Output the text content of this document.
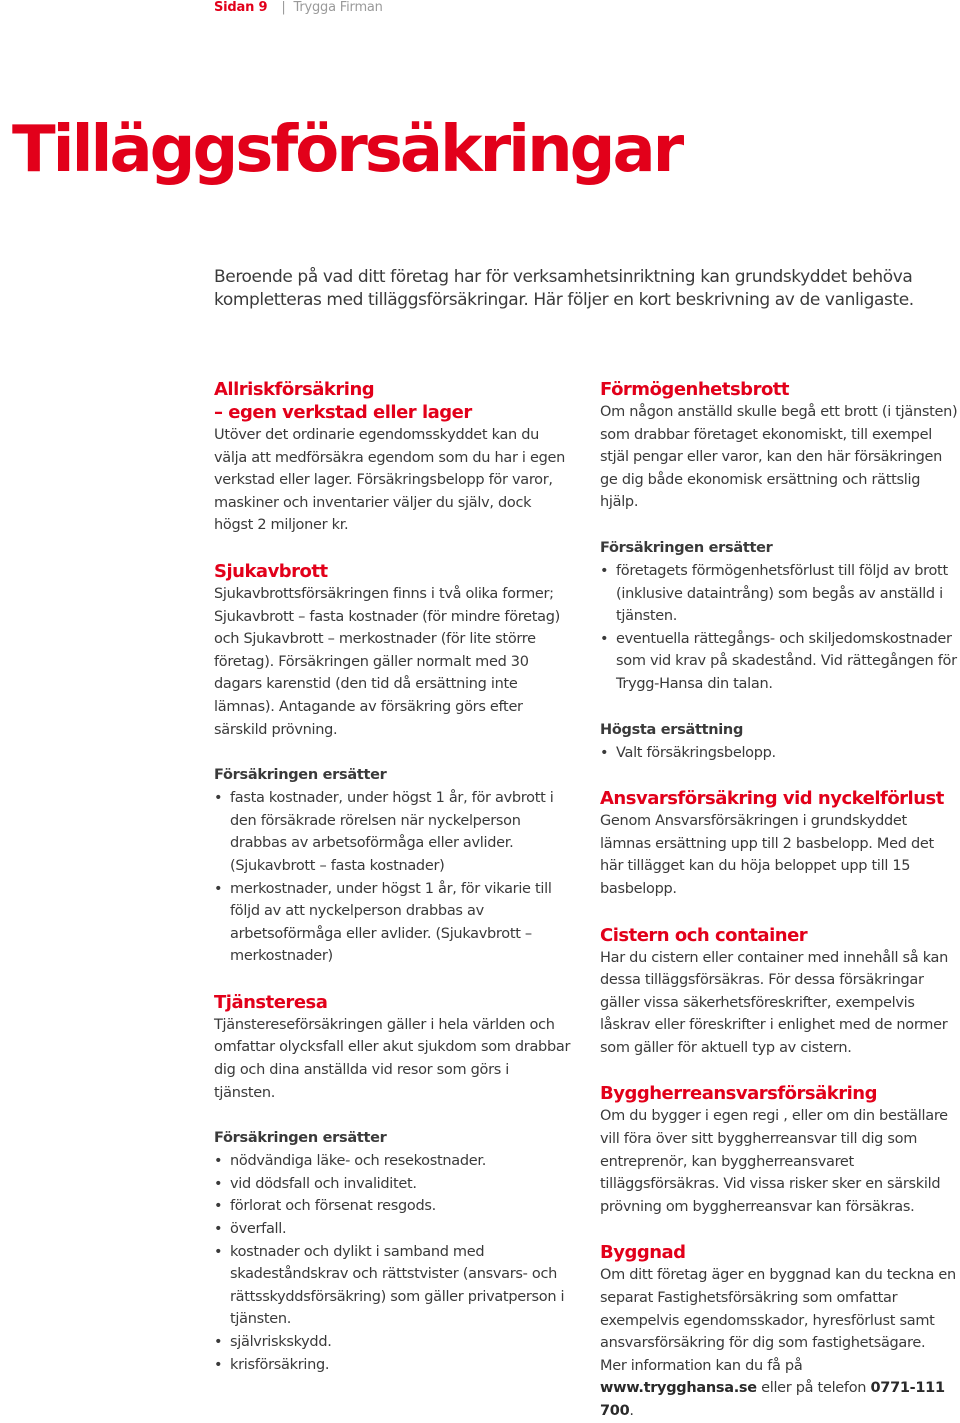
Sidan 9 | Trygga Firman
Tilläggsförsäkringar

Beroende på vad ditt företag har för verksamhetsinriktning kan grundskyddet behöva kompletteras med tilläggsförsäkringar. Här följer en kort beskrivning av de vanligaste.

Allriskförsäkring
– egen verkstad eller lager

Utöver det ordinarie egendomsskyddet kan du välja att medförsäkra egendom som du har i egen verkstad eller lager. Försäkringsbelopp för varor, maskiner och inventarier väljer du själv, dock högst 2 miljoner kr.

Sjukavbrott

Sjukavbrottsförsäkringen finns i två olika former; Sjukavbrott – fasta kostnader (för mindre företag) och Sjukavbrott – merkostnader (för lite större företag). Försäkringen gäller normalt med 30 dagars karenstid (den tid då ersättning inte lämnas). Antagande av försäkring görs efter särskild prövning.

Försäkringen ersätter
• fasta kostnader, under högst 1 år, för avbrott i den försäkrade rörelsen när nyckelperson drabbas av arbetsoförmåga eller avlider. (Sjukavbrott – fasta kostnader)
• merkostnader, under högst 1 år, för vikarie till följd av att nyckelperson drabbas av arbetsoförmåga eller avlider. (Sjukavbrott – merkostnader)
Tjänsteresa

Tjänstereseförsäkringen gäller i hela världen och omfattar olycksfall eller akut sjukdom som drabbar dig och dina anställda vid resor som görs i tjänsten.

Försäkringen ersätter
• nödvändiga läke- och resekostnader.
• vid dödsfall och invaliditet.
• förlorat och försenat resgods.
• överfall.
• kostnader och dylikt i samband med skadeståndskrav och rättstvister (ansvars- och rättsskyddsförsäkring) som gäller privatperson i tjänsten.
• självriskskydd.
• krisförsäkring.
Förmögenhetsbrott

Om någon anställd skulle begå ett brott (i tjänsten) som drabbar företaget ekonomiskt, till exempel stjäl pengar eller varor, kan den här försäkringen ge dig både ekonomisk ersättning och rättslig hjälp.

Försäkringen ersätter
• företagets förmögenhetsförlust till följd av brott (inklusive dataintrång) som begås av anställd i tjänsten.
• eventuella rättegångs- och skiljedomskostnader som vid krav på skadestånd. Vid rättegången för Trygg-Hansa din talan.
Högsta ersättning
• Valt försäkringsbelopp.
Ansvarsförsäkring vid nyckelförlust

Genom Ansvarsförsäkringen i grundskyddet lämnas ersättning upp till 2 basbelopp. Med det här tillägget kan du höja beloppet upp till 15 basbelopp.

Cistern och container

Har du cistern eller container med innehåll så kan dessa tilläggsförsäkras. För dessa försäkringar gäller vissa säkerhetsföreskrifter, exempelvis låskrav eller föreskrifter i enlighet med de normer som gäller för aktuell typ av cistern.

Byggherreansvarsförsäkring

Om du bygger i egen regi , eller om din beställare vill föra över sitt byggherreansvar till dig som entreprenör, kan byggherreansvaret tilläggsförsäkras. Vid vissa risker sker en särskild prövning om byggherreansvar kan försäkras.

Byggnad

Om ditt företag äger en byggnad kan du teckna en separat Fastighetsförsäkring som omfattar exempelvis egendomsskador, hyresförlust samt ansvarsförsäkring för dig som fastighetsägare.

Mer information kan du få på www.trygghansa.se eller på telefon 0771-111 700.
